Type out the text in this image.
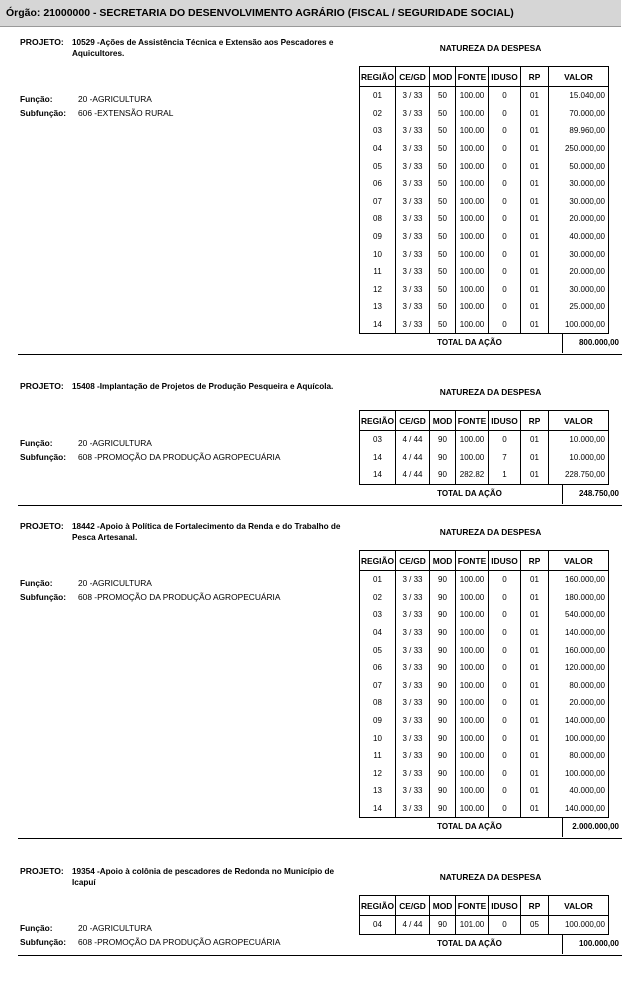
Órgão: 21000000 - SECRETARIA DO DESENVOLVIMENTO AGRÁRIO (FISCAL / SEGURIDADE SOCIAL)
PROJETO: 10529 -Ações de Assistência Técnica e Extensão aos Pescadores e Aquicultores.
NATUREZA DA DESPESA
Função:	20 -AGRICULTURA
Subfunção: 606 -EXTENSÃO RURAL
REGIÃO	CE/GD	MOD	FONTE	IDUSO	RP	VALOR
01	3 / 33	50	100.00	0	01	15.040,00
02	3 / 33	50	100.00	0	01	70.000,00
03	3 / 33	50	100.00	0	01	89.960,00
04	3 / 33	50	100.00	0	01	250.000,00
05	3 / 33	50	100.00	0	01	50.000,00
06	3 / 33	50	100.00	0	01	30.000,00
07	3 / 33	50	100.00	0	01	30.000,00
08	3 / 33	50	100.00	0	01	20.000,00
09	3 / 33	50	100.00	0	01	40.000,00
10	3 / 33	50	100.00	0	01	30.000,00
11	3 / 33	50	100.00	0	01	20.000,00
12	3 / 33	50	100.00	0	01	30.000,00
13	3 / 33	50	100.00	0	01	25.000,00
14	3 / 33	50	100.00	0	01	100.000,00
TOTAL DA AÇÃO	800.000,00
PROJETO: 15408 -Implantação de Projetos de Produção Pesqueira e Aquícola.
NATUREZA DA DESPESA
Função:	20 -AGRICULTURA
Subfunção: 608 -PROMOÇÃO DA PRODUÇÃO AGROPECUÁRIA
REGIÃO	CE/GD	MOD	FONTE	IDUSO	RP	VALOR
03	4 / 44	90	100.00	0	01	10.000,00
14	4 / 44	90	100.00	7	01	10.000,00
14	4 / 44	90	282.82	1	01	228.750,00
TOTAL DA AÇÃO	248.750,00
PROJETO: 18442 -Apoio à Política de Fortalecimento da Renda e do Trabalho de Pesca Artesanal.
NATUREZA DA DESPESA
Função:	20 -AGRICULTURA
Subfunção: 608 -PROMOÇÃO DA PRODUÇÃO AGROPECUÁRIA
REGIÃO	CE/GD	MOD	FONTE	IDUSO	RP	VALOR
01	3 / 33	90	100.00	0	01	160.000,00
02	3 / 33	90	100.00	0	01	180.000,00
03	3 / 33	90	100.00	0	01	540.000,00
04	3 / 33	90	100.00	0	01	140.000,00
05	3 / 33	90	100.00	0	01	160.000,00
06	3 / 33	90	100.00	0	01	120.000,00
07	3 / 33	90	100.00	0	01	80.000,00
08	3 / 33	90	100.00	0	01	20.000,00
09	3 / 33	90	100.00	0	01	140.000,00
10	3 / 33	90	100.00	0	01	100.000,00
11	3 / 33	90	100.00	0	01	80.000,00
12	3 / 33	90	100.00	0	01	100.000,00
13	3 / 33	90	100.00	0	01	40.000,00
14	3 / 33	90	100.00	0	01	140.000,00
TOTAL DA AÇÃO	2.000.000,00
PROJETO: 19354 -Apoio à colônia de pescadores de Redonda no Município de Icapuí
NATUREZA DA DESPESA
Função:	20 -AGRICULTURA
Subfunção: 608 -PROMOÇÃO DA PRODUÇÃO AGROPECUÁRIA
REGIÃO	CE/GD	MOD	FONTE	IDUSO	RP	VALOR
04	4 / 44	90	101.00	0	05	100.000,00
TOTAL DA AÇÃO	100.000,00
